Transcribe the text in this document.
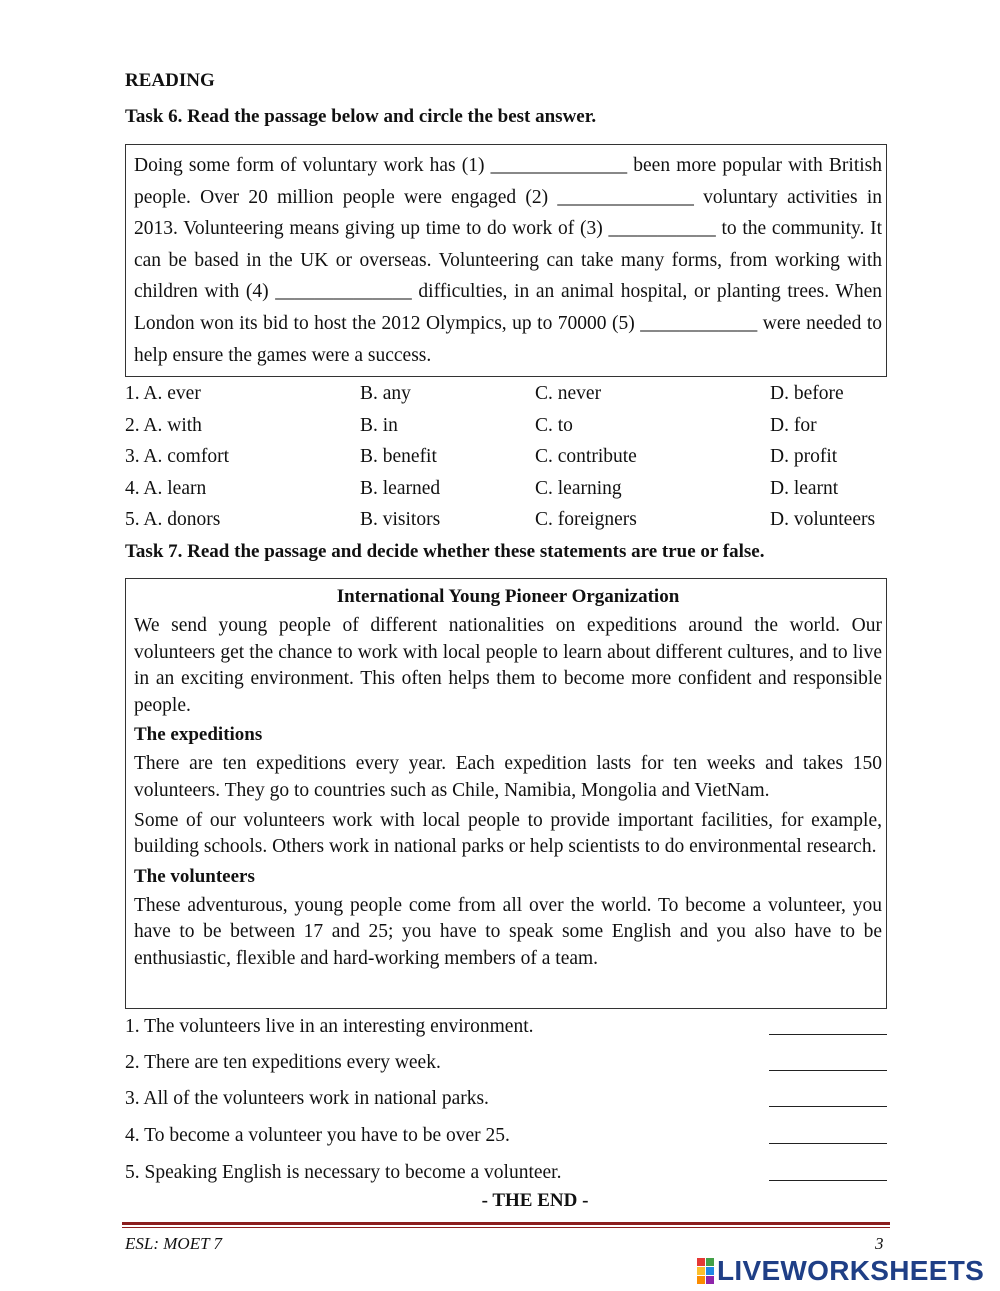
READING
Task 6. Read the passage below and circle the best answer.

Doing some form of voluntary work has (1) ______________ been more popular with British people. Over 20 million people were engaged (2) ______________ voluntary activities in 2013. Volunteering means giving up time to do work of (3) ___________ to the community. It can be based in the UK or overseas. Volunteering can take many forms, from working with children with (4) ______________ difficulties, in an animal hospital, or planting trees. When London won its bid to host the 2012 Olympics, up to 70000 (5) ____________ were needed to help ensure the games were a success.

1. A. ever	B. any	C. never	D. before
2. A. with	B. in	C. to	D. for
3. A. comfort	B. benefit	C. contribute	D. profit
4. A. learn	B. learned	C. learning	D. learnt
5. A. donors	B. visitors	C. foreigners	D. volunteers
Task 7. Read the passage and decide whether these statements are true or false.
International Young Pioneer Organization

We send young people of different nationalities on expeditions around the world. Our volunteers get the chance to work with local people to learn about different cultures, and to live in an exciting environment. This often helps them to become more confident and responsible people.

The expeditions

There are ten expeditions every year. Each expedition lasts for ten weeks and takes 150 volunteers. They go to countries such as Chile, Namibia, Mongolia and VietNam.

Some of our volunteers work with local people to provide important facilities, for example, building schools. Others work in national parks or help scientists to do environmental research.

The volunteers

These adventurous, young people come from all over the world. To become a volunteer, you have to be between 17 and 25; you have to speak some English and you also have to be enthusiastic, flexible and hard-working members of a team.

1. The volunteers live in an interesting environment.
2. There are ten expeditions every week.
3. All of the volunteers work in national parks.
4. To become a volunteer you have to be over 25.
5. Speaking English is necessary to become a volunteer.
- THE END -
ESL: MOET 7	3
LIVEWORKSHEETS
